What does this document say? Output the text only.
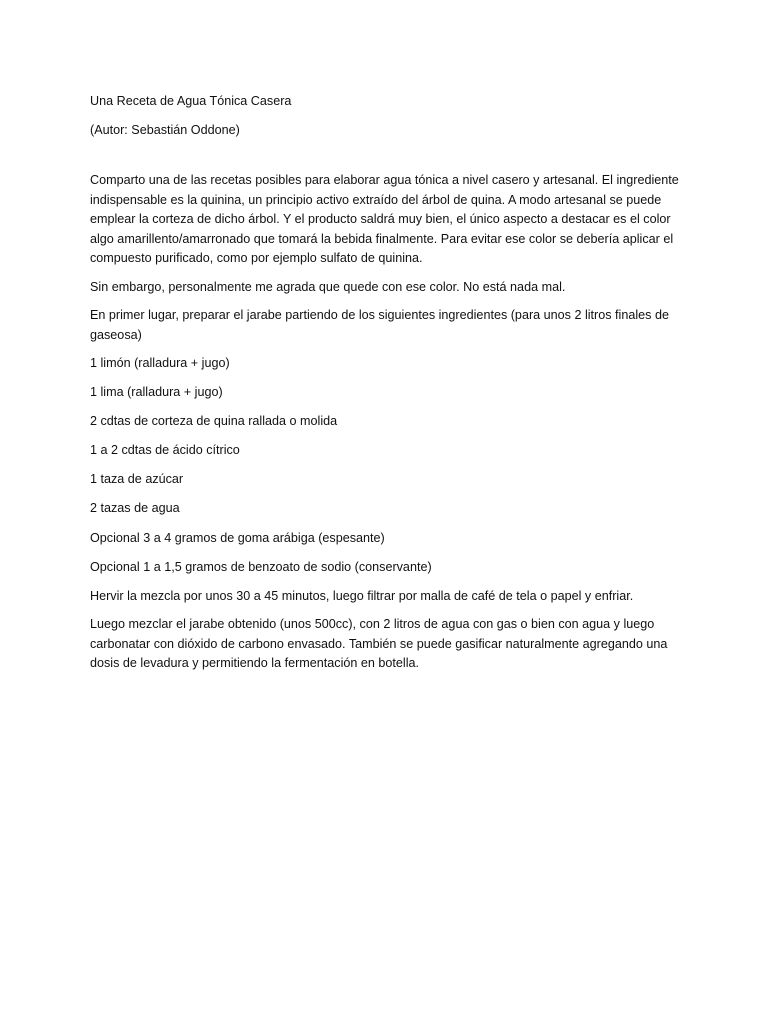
Una Receta de Agua Tónica Casera

(Autor: Sebastián Oddone)

Comparto una de las recetas posibles para elaborar agua tónica a nivel casero y artesanal. El ingrediente indispensable es la quinina, un principio activo extraído del árbol de quina. A modo artesanal se puede emplear la corteza de dicho árbol. Y el producto saldrá muy bien, el único aspecto a destacar es el color algo amarillento/amarronado que tomará la bebida finalmente. Para evitar ese color se debería aplicar el compuesto purificado, como por ejemplo sulfato de quinina.

Sin embargo, personalmente me agrada que quede con ese color. No está nada mal.

En primer lugar, preparar el jarabe partiendo de los siguientes ingredientes (para unos 2 litros finales de gaseosa)

1 limón (ralladura + jugo)

1 lima (ralladura + jugo)

2 cdtas de corteza de quina rallada o molida

1 a 2 cdtas de ácido cítrico

1 taza de azúcar

2 tazas de agua

Opcional 3 a 4 gramos de goma arábiga (espesante)

Opcional 1 a 1,5 gramos de benzoato de sodio (conservante)

Hervir la mezcla por unos 30 a 45 minutos, luego filtrar por malla de café de tela o papel y enfriar.

Luego mezclar el jarabe obtenido (unos 500cc), con 2 litros de agua con gas o bien con agua y luego carbonatar con dióxido de carbono envasado. También se puede gasificar naturalmente agregando una dosis de levadura y permitiendo la fermentación en botella.
